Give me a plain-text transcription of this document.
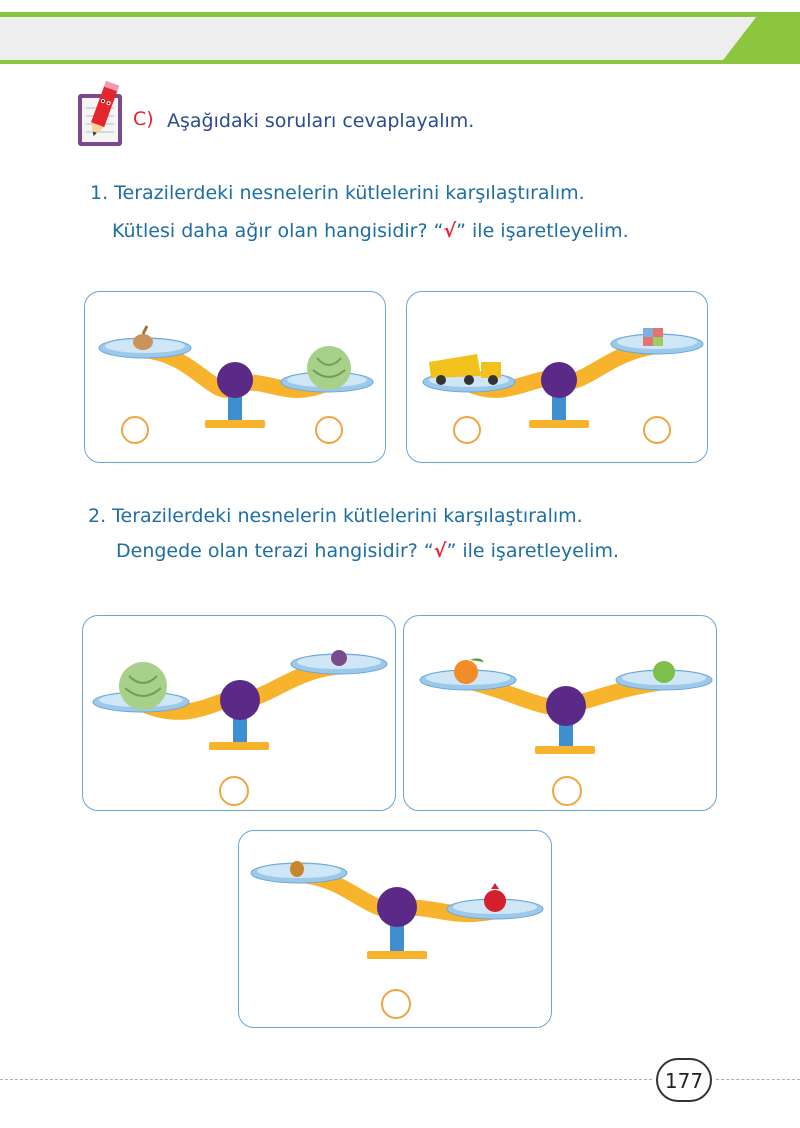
C) Aşağıdaki soruları cevaplayalım.
1. Terazilerdeki nesnelerin kütlelerini karşılaştıralım.
Kütlesi daha ağır olan hangisidir? “√” ile işaretleyelim.
2. Terazilerdeki nesnelerin kütlelerini karşılaştıralım.
Dengede olan terazi hangisidir? “√” ile işaretleyelim.
177
